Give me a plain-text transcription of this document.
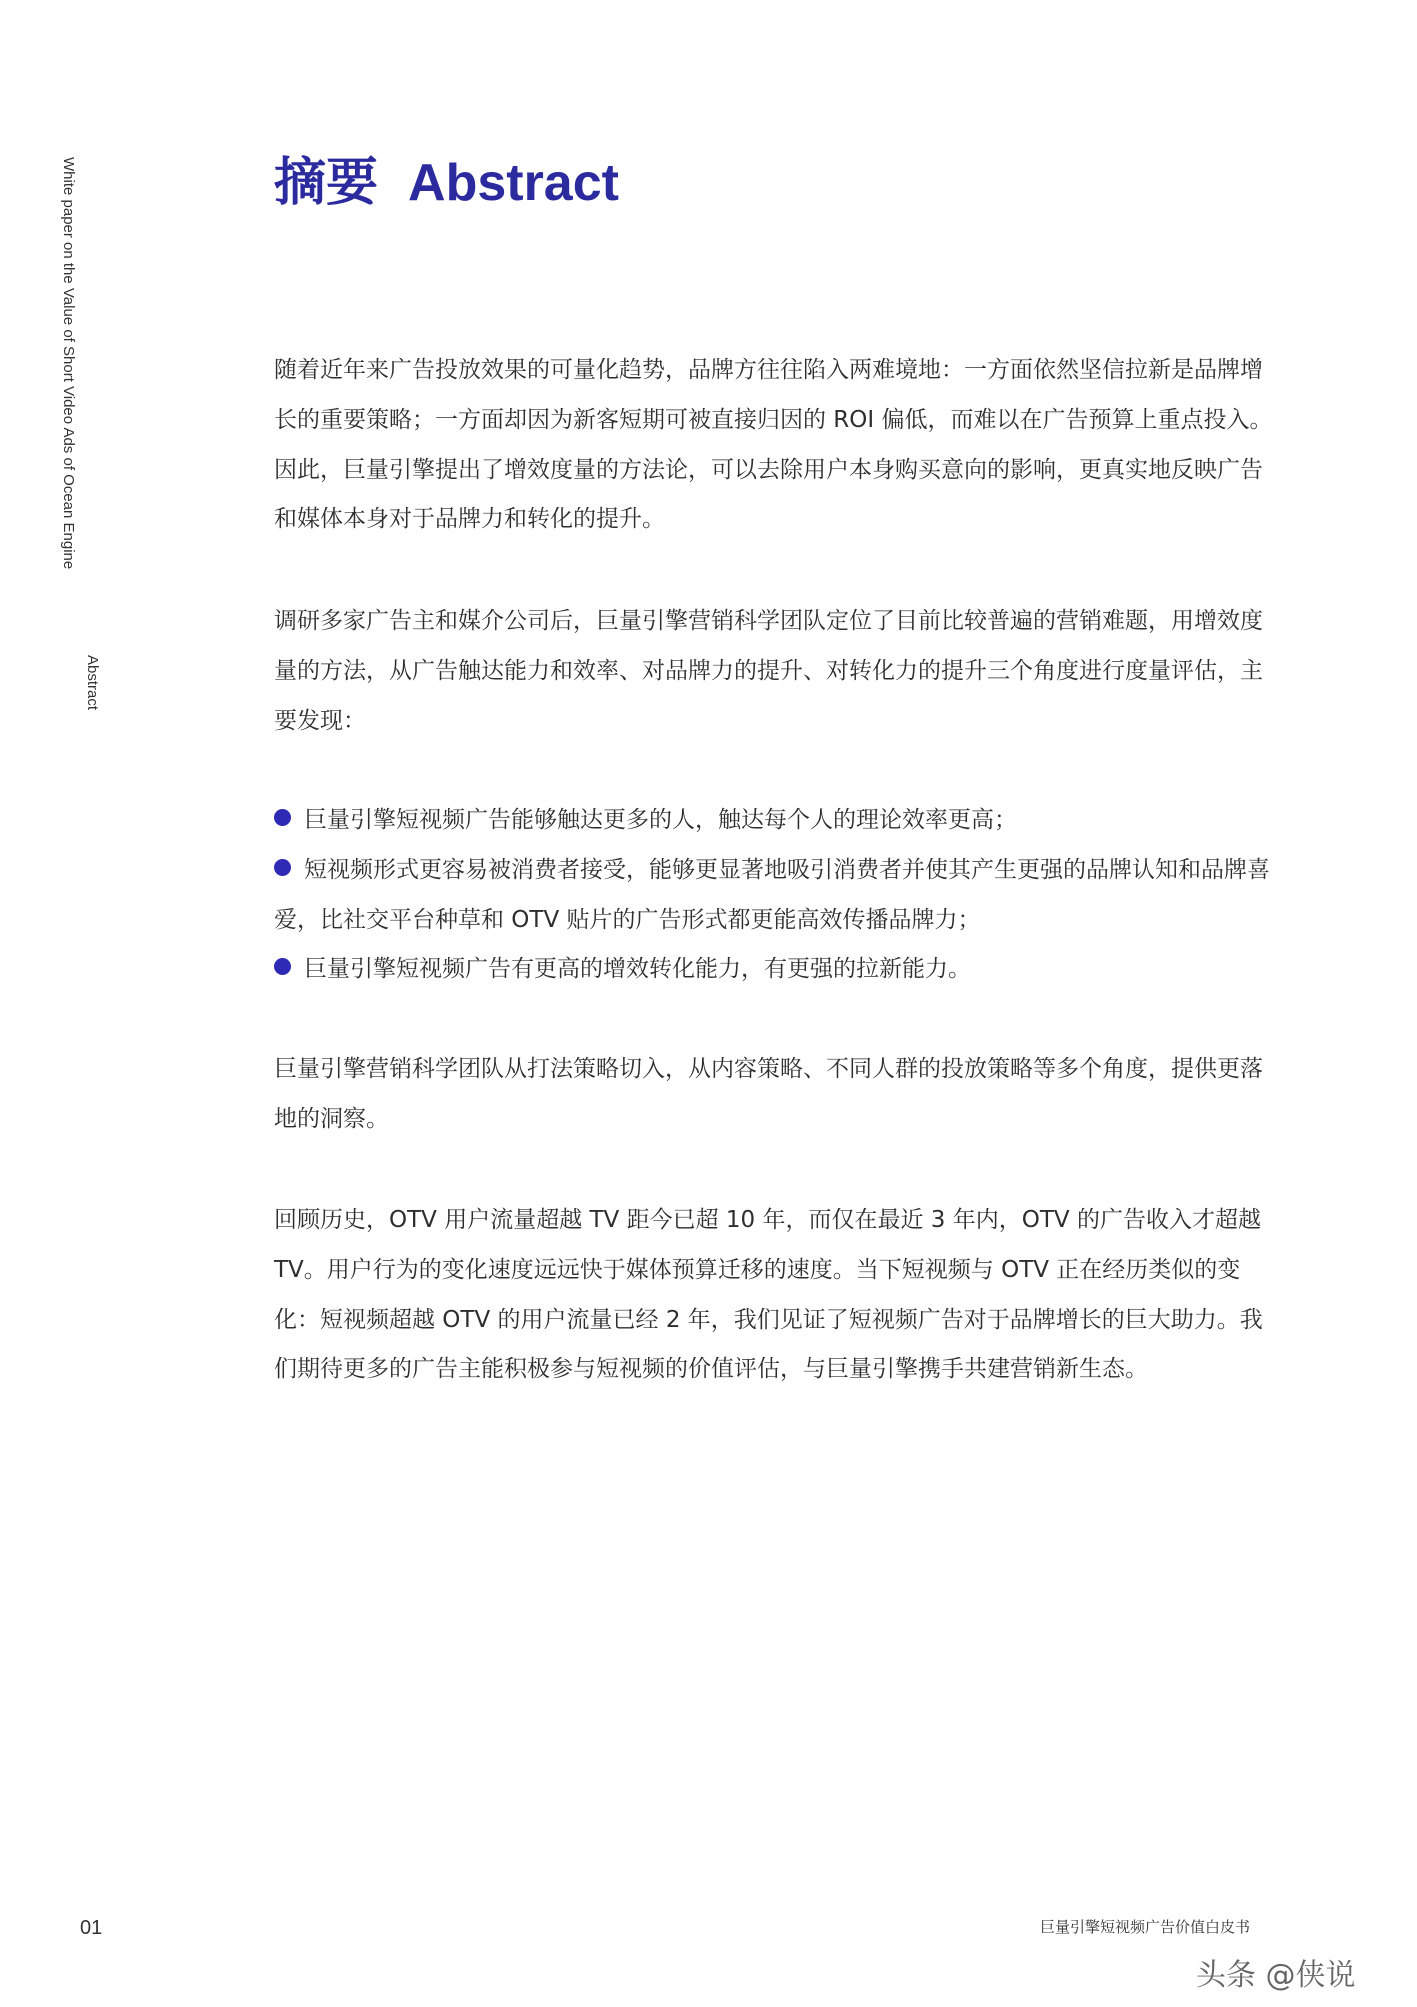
White paper on the Value of Short Video Ads of Ocean Engine
Abstract
摘要 Abstract

随着近年来广告投放效果的可量化趋势，品牌方往往陷入两难境地：一方面依然坚信拉新是品牌增长的重要策略；一方面却因为新客短期可被直接归因的 ROI 偏低，而难以在广告预算上重点投入。因此，巨量引擎提出了增效度量的方法论，可以去除用户本身购买意向的影响，更真实地反映广告和媒体本身对于品牌力和转化的提升。

调研多家广告主和媒介公司后，巨量引擎营销科学团队定位了目前比较普遍的营销难题，用增效度量的方法，从广告触达能力和效率、对品牌力的提升、对转化力的提升三个角度进行度量评估，主要发现：

巨量引擎短视频广告能够触达更多的人，触达每个人的理论效率更高；
短视频形式更容易被消费者接受，能够更显著地吸引消费者并使其产生更强的品牌认知和品牌喜爱，比社交平台种草和 OTV 贴片的广告形式都更能高效传播品牌力；
巨量引擎短视频广告有更高的增效转化能力，有更强的拉新能力。

巨量引擎营销科学团队从打法策略切入，从内容策略、不同人群的投放策略等多个角度，提供更落地的洞察。

回顾历史，OTV 用户流量超越 TV 距今已超 10 年，而仅在最近 3 年内，OTV 的广告收入才超越 TV。用户行为的变化速度远远快于媒体预算迁移的速度。当下短视频与 OTV 正在经历类似的变化：短视频超越 OTV 的用户流量已经 2 年，我们见证了短视频广告对于品牌增长的巨大助力。我们期待更多的广告主能积极参与短视频的价值评估，与巨量引擎携手共建营销新生态。

01	巨量引擎短视频广告价值白皮书
头条 @侠说
